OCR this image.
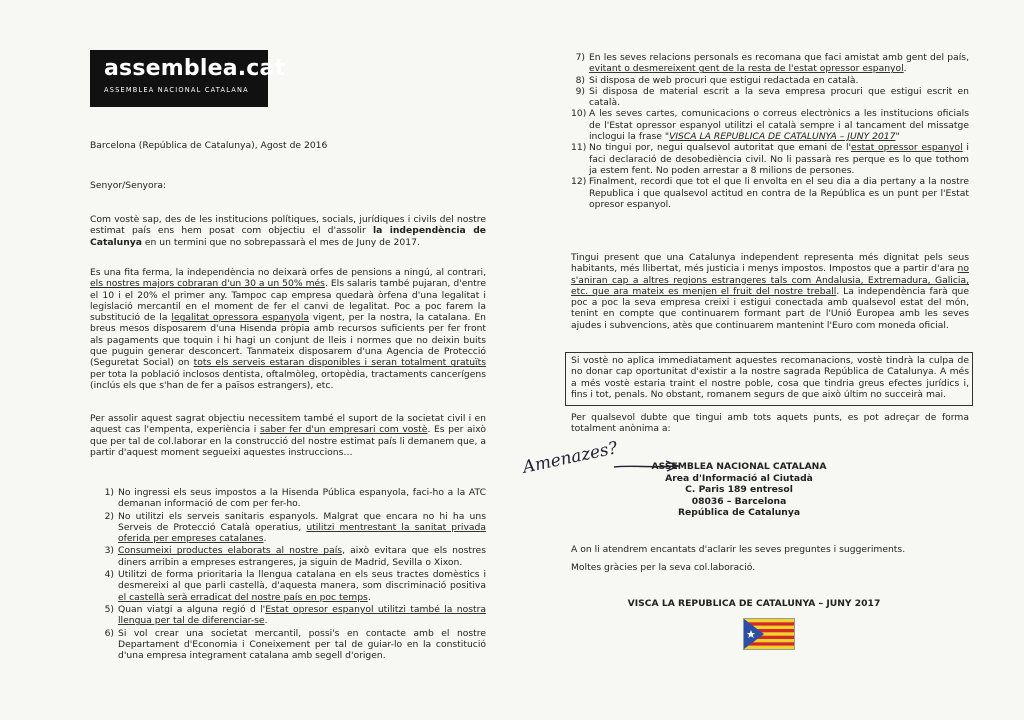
assemblea.cat
ASSEMBLEA NACIONAL CATALANA

Barcelona (República de Catalunya), Agost de 2016

Senyor/Senyora:

Com vostè sap, des de les institucions polítiques, socials, jurídiques i civils del nostre estimat país ens hem posat com objectiu el d'assolir la independència de Catalunya en un termini que no sobrepassarà el mes de Juny de 2017.

Es una fita ferma, la independència no deixarà orfes de pensions a ningú, al contrari, els nostres majors cobraran d'un 30 a un 50% més. Els salaris també pujaran, d'entre el 10 i el 20% el primer any. Tampoc cap empresa quedarà òrfena d'una legalitat i legislació mercantil en el moment de fer el canvi de legalitat. Poc a poc farem la substitució de la legalitat opressora espanyola vigent, per la nostra, la catalana. En breus mesos disposarem d'una Hisenda pròpia amb recursos suficients per fer front als pagaments que toquin i hi hagi un conjunt de lleis i normes que no deixin buits que puguin generar desconcert. Tanmateix disposarem d'una Agencia de Protecció (Seguretat Social) on tots els serveis estaran disponibles i seran totalment gratuïts per tota la població inclosos dentista, oftalmòleg, ortopèdia, tractaments cancerígens (inclús els que s'han de fer a països estrangers), etc.

Per assolir aquest sagrat objectiu necessitem també el suport de la societat civil i en aquest cas l'empenta, experiència i saber fer d'un empresari com vostè. Es per això que per tal de col.laborar en la construcció del nostre estimat país li demanem que, a partir d'aquest moment segueixi aquestes instruccions…

1) No ingressi els seus impostos a la Hisenda Pública espanyola, faci-ho a la ATC demanan informació de com per fer-ho.
2) No utilitzi els serveis sanitaris espanyols. Malgrat que encara no hi ha uns Serveis de Protecció Català operatius, utilitzi mentrestant la sanitat privada oferida per empreses catalanes.
3) Consumeixi productes elaborats al nostre país, això evitara que els nostres diners arribin a empreses estrangeres, ja siguin de Madrid, Sevilla o Xixon.
4) Utilitzi de forma prioritaria la llengua catalana en els seus tractes domèstics i desmereixi al que parli castellà, d'aquesta manera, som discriminació positiva el castellà serà erradicat del nostre país en poc temps.
5) Quan viatgi a alguna regió d l'Estat opresor espanyol utilitzi també la nostra llengua per tal de diferenciar-se.
6) Si vol crear una societat mercantil, possi's en contacte amb el nostre Departament d'Economia i Coneixement per tal de guiar-lo en la constitució d'una empresa integrament catalana amb segell d'origen.
7) En les seves relacions personals es recomana que faci amistat amb gent del país, evitant o desmereixent gent de la resta de l'estat opressor espanyol.
8) Si disposa de web procuri que estigui redactada en català.
9) Si disposa de material escrit a la seva empresa procuri que estigui escrit en català.
10) A les seves cartes, comunicacions o correus electrònics a les institucions oficials de l'Estat opressor espanyol utilitzi el català sempre i al tancament del missatge inclogui la frase "VISCA LA REPUBLICA DE CATALUNYA – JUNY 2017"
11) No tingui por, negui qualsevol autoritat que emani de l'estat opressor espanyol i faci declaració de desobediència civil. No li passarà res perque es lo que tothom ja estem fent. No poden arrestar a 8 milions de persones.
12) Finalment, recordi que tot el que li envolta en el seu dia a dia pertany a la nostre Republica i que qualsevol actitud en contra de la República es un punt per l'Estat opresor espanyol.

Tingui present que una Catalunya independent representa més dignitat pels seus habitants, més llibertat, més justicia i menys impostos. Impostos que a partir d'ara no s'aniran cap a altres regions estrangeres tals com Andalusia, Extremadura, Galicia, etc. que ara mateix es menjen el fruit del nostre treball. La independència farà que poc a poc la seva empresa creixi i estigui conectada amb qualsevol estat del món, tenint en compte que continuarem formant part de l'Unió Europea amb les seves ajudes i subvencions, atès que continuarem mantenint l'Euro com moneda oficial.

Si vostè no aplica immediatament aquestes recomanacions, vostè tindrà la culpa de no donar cap oportunitat d'existir a la nostre sagrada República de Catalunya. A més a més vostè estaria traint el nostre poble, cosa que tindria greus efectes jurídics i, fins i tot, penals. No obstant, romanem segurs de que això últim no succeirà mai.

Per qualsevol dubte que tingui amb tots aquets punts, es pot adreçar de forma totalment anònima a:

Amenazes?	ASSEMBLEA NACIONAL CATALANA
Area d'Informació al Ciutadà
C. Paris 189 entresol
08036 – Barcelona
República de Catalunya

A on li atendrem encantats d'aclarir les seves preguntes i suggeriments.

Moltes gràcies per la seva col.laboració.

VISCA LA REPUBLICA DE CATALUNYA – JUNY 2017
